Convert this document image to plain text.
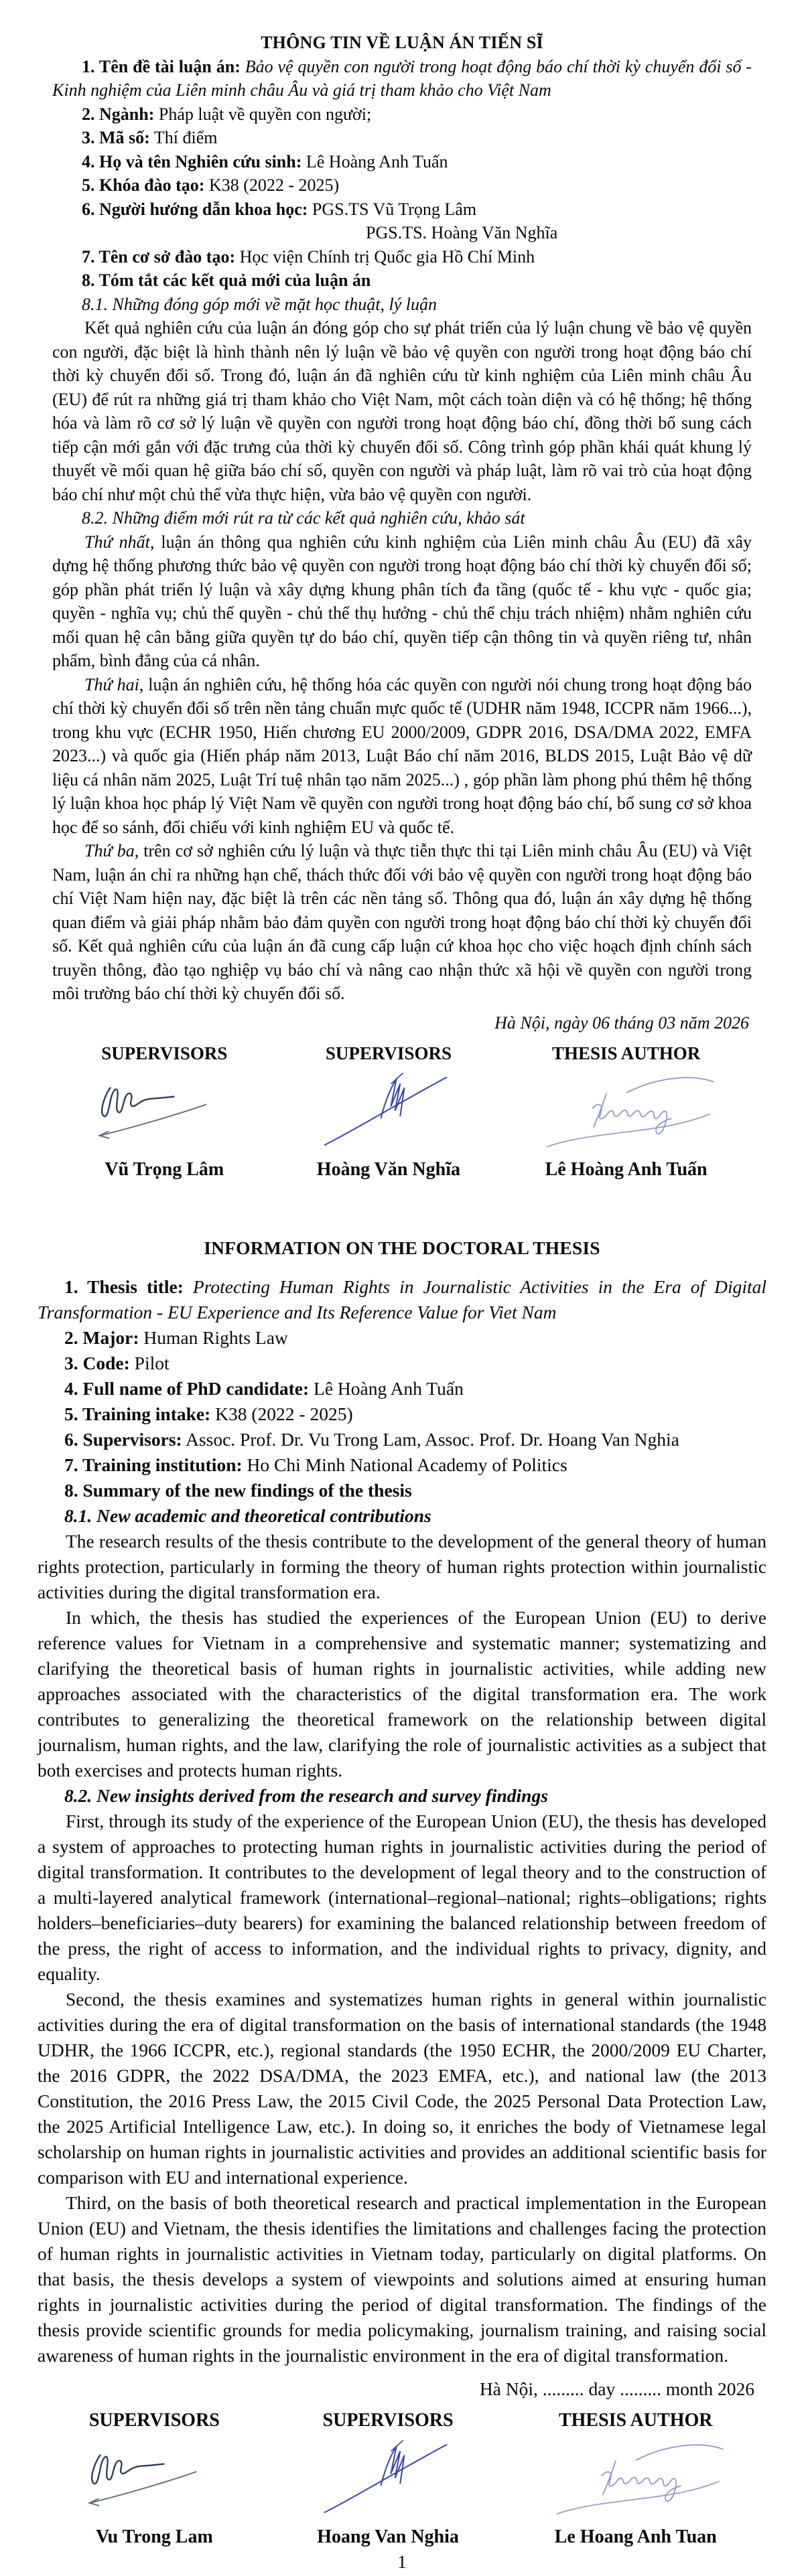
THÔNG TIN VỀ LUẬN ÁN TIẾN SĨ

1. Tên đề tài luận án: Bảo vệ quyền con người trong hoạt động báo chí thời kỳ chuyển đổi số - Kinh nghiệm của Liên minh châu Âu và giá trị tham khảo cho Việt Nam

2. Ngành: Pháp luật về quyền con người;

3. Mã số: Thí điểm

4. Họ và tên Nghiên cứu sinh: Lê Hoàng Anh Tuấn

5. Khóa đào tạo: K38 (2022 - 2025)

6. Người hướng dẫn khoa học: PGS.TS Vũ Trọng Lâm

PGS.TS. Hoàng Văn Nghĩa

7. Tên cơ sở đào tạo: Học viện Chính trị Quốc gia Hồ Chí Minh

8. Tóm tắt các kết quả mới của luận án

8.1. Những đóng góp mới về mặt học thuật, lý luận

Kết quả nghiên cứu của luận án đóng góp cho sự phát triển của lý luận chung về bảo vệ quyền con người, đặc biệt là hình thành nên lý luận về bảo vệ quyền con người trong hoạt động báo chí thời kỳ chuyển đổi số. Trong đó, luận án đã nghiên cứu từ kinh nghiệm của Liên minh châu Âu (EU) để rút ra những giá trị tham khảo cho Việt Nam, một cách toàn diện và có hệ thống; hệ thống hóa và làm rõ cơ sở lý luận về quyền con người trong hoạt động báo chí, đồng thời bổ sung cách tiếp cận mới gắn với đặc trưng của thời kỳ chuyển đổi số. Công trình góp phần khái quát khung lý thuyết về mối quan hệ giữa báo chí số, quyền con người và pháp luật, làm rõ vai trò của hoạt động báo chí như một chủ thể vừa thực hiện, vừa bảo vệ quyền con người.

8.2. Những điểm mới rút ra từ các kết quả nghiên cứu, khảo sát

Thứ nhất, luận án thông qua nghiên cứu kinh nghiệm của Liên minh châu Âu (EU) đã xây dựng hệ thống phương thức bảo vệ quyền con người trong hoạt động báo chí thời kỳ chuyển đổi số; góp phần phát triển lý luận và xây dựng khung phân tích đa tầng (quốc tế - khu vực - quốc gia; quyền - nghĩa vụ; chủ thể quyền - chủ thể thụ hưởng - chủ thể chịu trách nhiệm) nhằm nghiên cứu mối quan hệ cân bằng giữa quyền tự do báo chí, quyền tiếp cận thông tin và quyền riêng tư, nhân phẩm, bình đẳng của cá nhân.

Thứ hai, luận án nghiên cứu, hệ thống hóa các quyền con người nói chung trong hoạt động báo chí thời kỳ chuyển đổi số trên nền tảng chuẩn mực quốc tế (UDHR năm 1948, ICCPR năm 1966...), trong khu vực (ECHR 1950, Hiến chương EU 2000/2009, GDPR 2016, DSA/DMA 2022, EMFA 2023...) và quốc gia (Hiến pháp năm 2013, Luật Báo chí năm 2016, BLDS 2015, Luật Bảo vệ dữ liệu cá nhân năm 2025, Luật Trí tuệ nhân tạo năm 2025...) , góp phần làm phong phú thêm hệ thống lý luận khoa học pháp lý Việt Nam về quyền con người trong hoạt động báo chí, bổ sung cơ sở khoa học để so sánh, đối chiếu với kinh nghiệm EU và quốc tế.

Thứ ba, trên cơ sở nghiên cứu lý luận và thực tiễn thực thi tại Liên minh châu Âu (EU) và Việt Nam, luận án chỉ ra những hạn chế, thách thức đối với bảo vệ quyền con người trong hoạt động báo chí Việt Nam hiện nay, đặc biệt là trên các nền tảng số. Thông qua đó, luận án xây dựng hệ thống quan điểm và giải pháp nhằm bảo đảm quyền con người trong hoạt động báo chí thời kỳ chuyển đổi số. Kết quả nghiên cứu của luận án đã cung cấp luận cứ khoa học cho việc hoạch định chính sách truyền thông, đào tạo nghiệp vụ báo chí và nâng cao nhận thức xã hội về quyền con người trong môi trường báo chí thời kỳ chuyển đổi số.

Hà Nội, ngày 06 tháng 03 năm 2026

SUPERVISORS
Vũ Trọng Lâm
SUPERVISORS
Hoàng Văn Nghĩa
THESIS AUTHOR
Lê Hoàng Anh Tuấn

INFORMATION ON THE DOCTORAL THESIS

1. Thesis title: Protecting Human Rights in Journalistic Activities in the Era of Digital Transformation - EU Experience and Its Reference Value for Viet Nam

2. Major: Human Rights Law

3. Code: Pilot

4. Full name of PhD candidate: Lê Hoàng Anh Tuấn

5. Training intake: K38 (2022 - 2025)

6. Supervisors: Assoc. Prof. Dr. Vu Trong Lam, Assoc. Prof. Dr. Hoang Van Nghia

7. Training institution: Ho Chi Minh National Academy of Politics

8. Summary of the new findings of the thesis

8.1. New academic and theoretical contributions

The research results of the thesis contribute to the development of the general theory of human rights protection, particularly in forming the theory of human rights protection within journalistic activities during the digital transformation era.

In which, the thesis has studied the experiences of the European Union (EU) to derive reference values for Vietnam in a comprehensive and systematic manner; systematizing and clarifying the theoretical basis of human rights in journalistic activities, while adding new approaches associated with the characteristics of the digital transformation era. The work contributes to generalizing the theoretical framework on the relationship between digital journalism, human rights, and the law, clarifying the role of journalistic activities as a subject that both exercises and protects human rights.

8.2. New insights derived from the research and survey findings

First, through its study of the experience of the European Union (EU), the thesis has developed a system of approaches to protecting human rights in journalistic activities during the period of digital transformation. It contributes to the development of legal theory and to the construction of a multi-layered analytical framework (international–regional–national; rights–obligations; rights holders–beneficiaries–duty bearers) for examining the balanced relationship between freedom of the press, the right of access to information, and the individual rights to privacy, dignity, and equality.

Second, the thesis examines and systematizes human rights in general within journalistic activities during the era of digital transformation on the basis of international standards (the 1948 UDHR, the 1966 ICCPR, etc.), regional standards (the 1950 ECHR, the 2000/2009 EU Charter, the 2016 GDPR, the 2022 DSA/DMA, the 2023 EMFA, etc.), and national law (the 2013 Constitution, the 2016 Press Law, the 2015 Civil Code, the 2025 Personal Data Protection Law, the 2025 Artificial Intelligence Law, etc.). In doing so, it enriches the body of Vietnamese legal scholarship on human rights in journalistic activities and provides an additional scientific basis for comparison with EU and international experience.

Third, on the basis of both theoretical research and practical implementation in the European Union (EU) and Vietnam, the thesis identifies the limitations and challenges facing the protection of human rights in journalistic activities in Vietnam today, particularly on digital platforms. On that basis, the thesis develops a system of viewpoints and solutions aimed at ensuring human rights in journalistic activities during the period of digital transformation. The findings of the thesis provide scientific grounds for media policymaking, journalism training, and raising social awareness of human rights in the journalistic environment in the era of digital transformation.

Hà Nội, ......... day ......... month 2026

SUPERVISORS
Vu Trong Lam
SUPERVISORS
Hoang Van Nghia
THESIS AUTHOR
Le Hoang Anh Tuan

1
